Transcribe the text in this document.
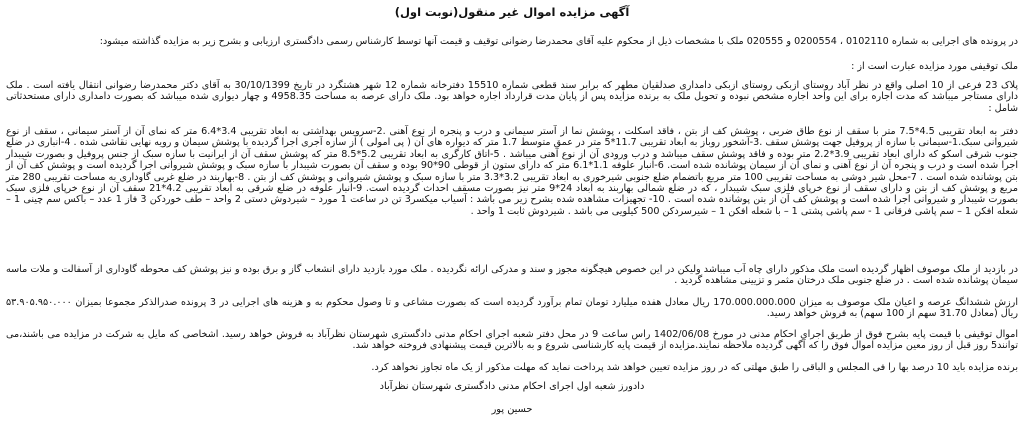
آگهی مزایده اموال غیر منقول(نوبت اول)
در پرونده های اجرایی به شماره 0102110 ، 0200554 و 020555 ملک با مشخصات ذیل از محکوم علیه آقای محمدرضا رضوانی توقیف و قیمت آنها توسط کارشناس رسمی دادگستری ارزیابی و بشرح زیر به مزایده گذاشته میشود:
ملک توقیفی مورد مزایده عبارت است از :
پلاک 23 فرعی از 10 اصلی واقع در نظر آباد روستای ازبکی روستای ازبکی دامداری صدلقیان مطهر که برابر سند قطعی شماره 15510 دفترخانه شماره 12 شهر هشتگرد در تاریخ 30/10/1399 به آقای دکتر محمدرضا رضوانی انتقال یافته است . ملک دارای مستاجر میباشد که مدت اجاره برای این واحد اجاره مشخص نبوده و تحویل ملک به برنده مزایده پس از پایان مدت قرارداد اجاره خواهد بود. ملک دارای عرصه به مساحت 4958.35 و چهار دیواری شده میباشد که بصورت دامداری دارای مستحدثاتی شامل :
دفتر به ابعاد تقریبی 4.5*7.5 متر با سقف از نوع طاق ضربی ، پوشش کف از بتن ، فاقد اسکلت ، پوشش نما از آستر سیمانی و درب و پنجره از نوع آهنی .2-سرویس بهداشتی به ابعاد تقریبی 3.4*6.4 متر که نمای آن از آستر سیمانی ، سقف از نوع شیروانی سبک.1-سیمانی با سازه از پروفیل جهت پوشش سقف .3-آشخور روباز به ابعاد تقریبی 11.7*5 متر در عمق متوسط 1.7 متر که دیواره های آن ( پی امولی ) از سازه آجری اجرا گردیده با پوشش سیمان و رویه نهایی نقاشی شده . 4-انباری در ضلع جنوب شرقی اسکو که دارای ابعاد تقریبی 3.9*2.2 متر بوده و فاقد پوشش سقف میباشد و درب ورودی آن از نوع آهنی میباشد . 5-اتاق کارگری به ابعاد تقریبی 5.2*8.5 متر که پوشش سقف آن از ایرانیت با سازه سبک از جنس پروفیل و بصورت شیبدار اجرا شده است و درب و پنجره آن از نوع آهنی و نمای آن از سیمان پوشانده شده است. 6-انبار علوفه 1.1*6.1 متر که دارای ستون از قوطی 90*90 بوده و سقف آن بصورت شیبدار با سازه سبک و پوشش شیروانی اجرا گردیده است و پوشش کف آن از بتن پوشانده شده است . 7-محل شیر دوشی به مساحت تقریبی 100 متر مربع باتضمام ضلع جنوبی شیرخوری به ابعاد تقریبی 3.2*3.3 متر با سازه سبک و پوشش شیروانی و پوشش کف از بتن . 8-بهاربند در ضلع غربی گاوداری به مساحت تقریبی 280 متر مربع و پوشش کف از بتن و دارای سقف از نوع خرپای فلزی سبک شیبدار ، که در ضلع شمالی بهاربند به ابعاد 24*9 متر نیز بصورت مسقف احداث گردیده است. 9-انبار علوفه در ضلع شرقی به ابعاد تقریبی 4.2*21 سقف آن از نوع خرپای فلزی سبک بصورت شیبدار و شیروانی اجرا شده است و پوشش کف آن از بتن پوشانده شده است . 10- تجهیزات مشاهده شده بشرح زیر می باشد : آسیاب میکسر3 تن در ساعت 1 مورد – شیردوش دستی 2 واحد – طف خوردکن 3 فاز 1 عدد – باکس سم چینی 1 – شعله افکن 1 – سم پاشی فرقانی 1 - سم پاشی پشتی 1 – با شعله افکن 1 – شیرسردکن 500 کیلویی می باشد . شیردوش ثابت 1 واحد .
در بازدید از ملک موصوف اظهار گردیده است ملک مذکور دارای چاه آب میباشد ولیکن در این خصوص هیچگونه مجوز و سند و مدرکی ارائه نگردیده . ملک مورد بازدید دارای انشعاب گاز و برق بوده و نیز پوشش کف محوطه گاوداری از آسفالت و ملات ماسه سیمان پوشانده شده است . در ضلع جنوبی ملک درختان مثمر و تزیینی مشاهده گردید .
ارزش ششدانگ عرصه و اعیان ملک موصوف به میزان 170.000.000.000 ریال معادل هفده میلیارد تومان تمام برآورد گردیده است که بصورت مشاعی و تا وصول محکوم به و هزینه های اجرایی در 3 پرونده صدرالذکر مجموعا بمیزان ۵۳.۹۰۵.۹۵۰.۰۰۰ ریال (معادل 31.70 سهم از 100 سهم) به فروش خواهد رسید.
اموال توقیفی با قیمت پایه بشرح فوق از طریق اجرای احکام مدنی در مورخ 1402/06/08 راس ساعت 9 در محل دفتر شعبه اجرای احکام مدنی دادگستری شهرستان نظرآباد به فروش خواهد رسید. اشخاصی که مایل به شرکت در مزایده می باشند،می توانند5 روز قبل از روز معین مزایده اموال فوق را که آگهی گردیده ملاحظه نمایند.مزایده از قیمت پایه کارشناسی شروع و به بالاترین قیمت پیشنهادی فروخته خواهد شد.
برنده مزایده باید 10 درصد بها را فی المجلس و الباقی را طبق مهلتی که در روز مزایده تعیین خواهد شد پرداخت نماید که مهلت مذکور از یک ماه تجاوز نخواهد کرد.
دادورز شعبه اول اجرای احکام مدنی دادگستری شهرستان نظرآباد
حسین پور
